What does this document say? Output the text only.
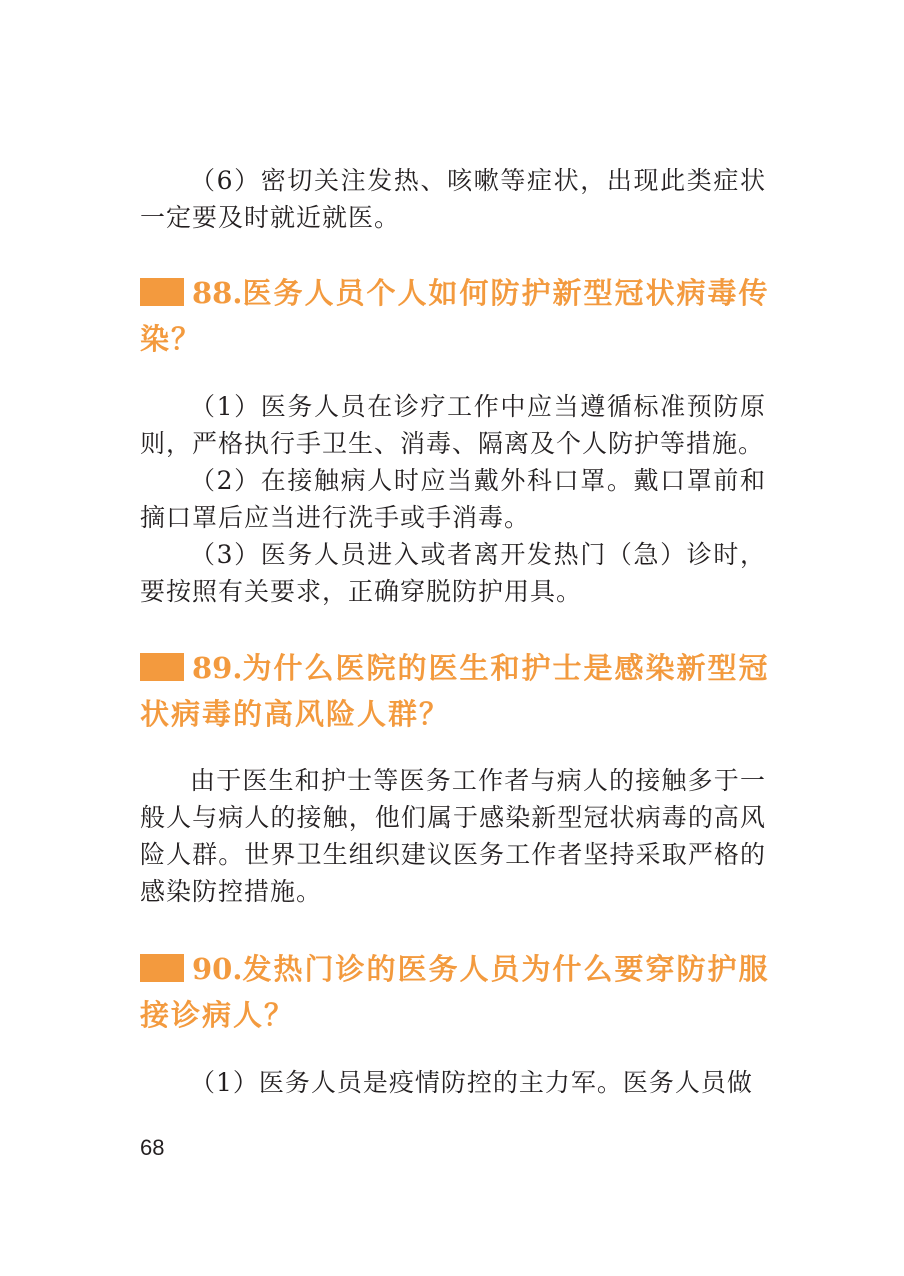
（6）密切关注发热、咳嗽等症状，出现此类症状一定要及时就近就医。

88.医务人员个人如何防护新型冠状病毒传染？

（1）医务人员在诊疗工作中应当遵循标准预防原则，严格执行手卫生、消毒、隔离及个人防护等措施。

（2）在接触病人时应当戴外科口罩。戴口罩前和摘口罩后应当进行洗手或手消毒。

（3）医务人员进入或者离开发热门（急）诊时，要按照有关要求，正确穿脱防护用具。

89.为什么医院的医生和护士是感染新型冠状病毒的高风险人群？

由于医生和护士等医务工作者与病人的接触多于一般人与病人的接触，他们属于感染新型冠状病毒的高风险人群。世界卫生组织建议医务工作者坚持采取严格的感染防控措施。

90.发热门诊的医务人员为什么要穿防护服接诊病人？

（1）医务人员是疫情防控的主力军。医务人员做

68
